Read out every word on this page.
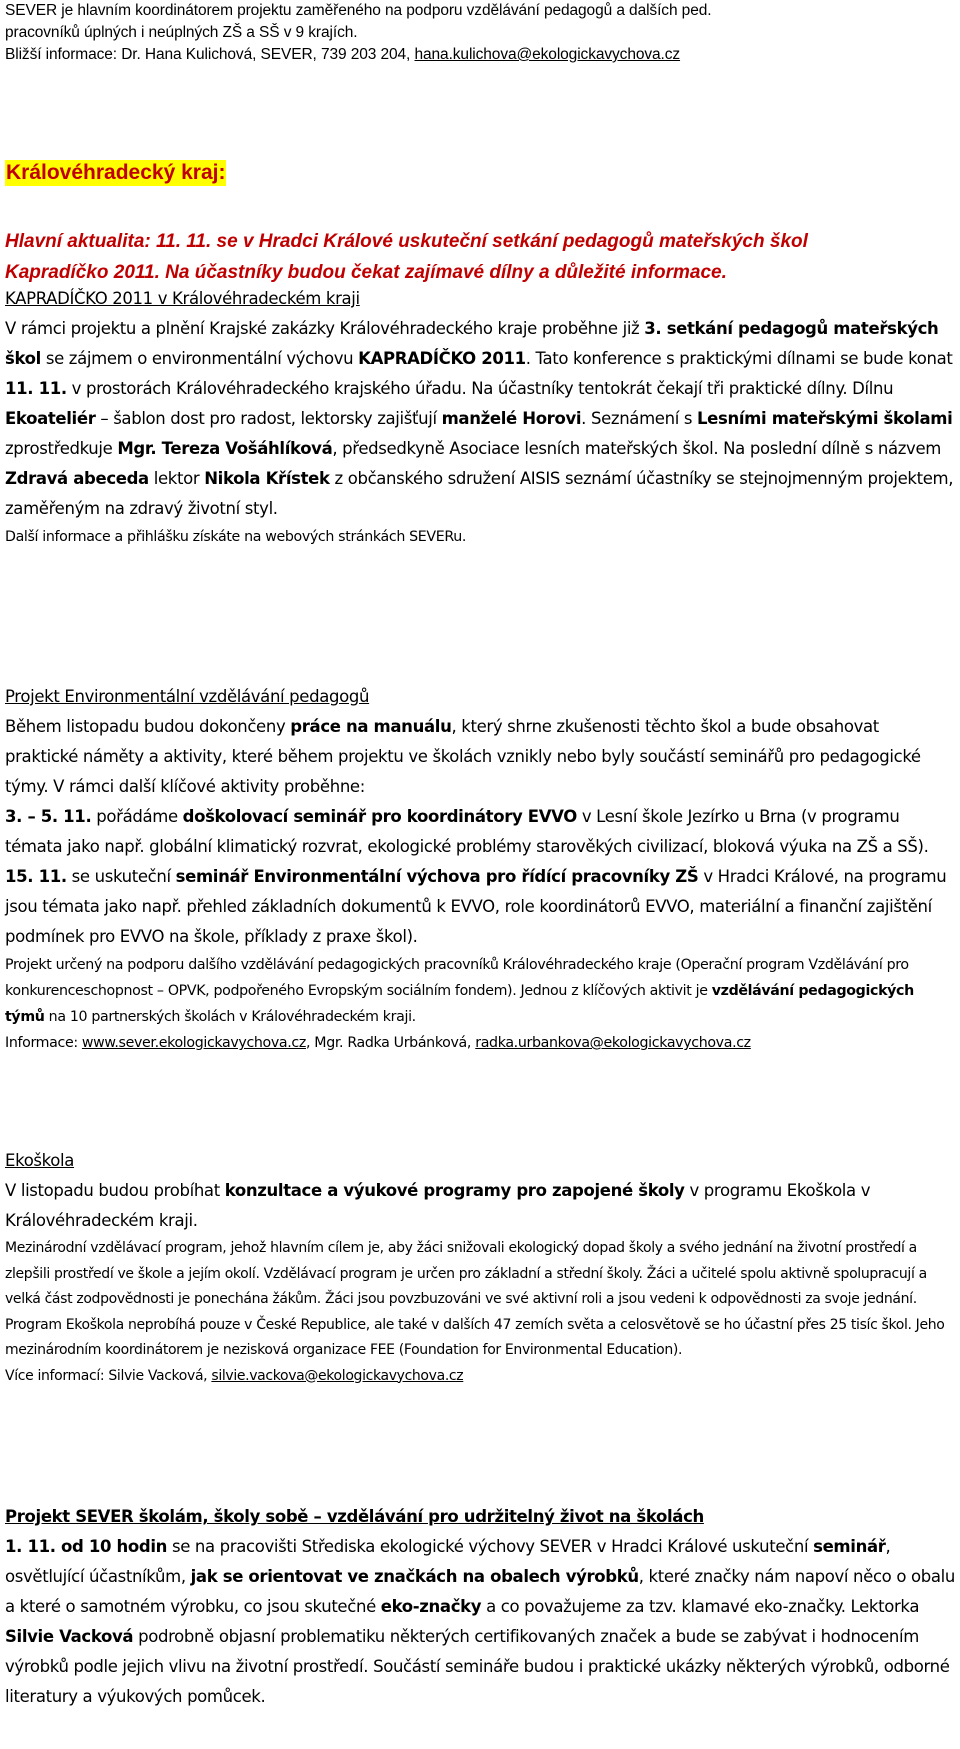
SEVER je hlavním koordinátorem projektu zaměřeného na podporu vzdělávání pedagogů a dalších ped.

pracovníků úplných i neúplných ZŠ a SŠ v 9 krajích.

Bližší informace: Dr. Hana Kulichová, SEVER, 739 203 204, hana.kulichova@ekologickavychova.cz

Královéhradecký kraj:

Hlavní aktualita: 11. 11. se v Hradci Králové uskuteční setkání pedagogů mateřských škol

Kapradíčko 2011. Na účastníky budou čekat zajímavé dílny a důležité informace.

KAPRADÍČKO 2011 v Královéhradeckém kraji

V rámci projektu a plnění Krajské zakázky Královéhradeckého kraje proběhne již 3. setkání pedagogů mateřských škol se zájmem o environmentální výchovu KAPRADÍČKO 2011. Tato konference s praktickými dílnami se bude konat 11. 11. v prostorách Královéhradeckého krajského úřadu. Na účastníky tentokrát čekají tři praktické dílny. Dílnu Ekoateliér – šablon dost pro radost, lektorsky zajišťují manželé Horovi. Seznámení s Lesními mateřskými školami zprostředkuje Mgr. Tereza Vošáhlíková, předsedkyně Asociace lesních mateřských škol. Na poslední dílně s názvem Zdravá abeceda lektor Nikola Křístek z občanského sdružení AISIS seznámí účastníky se stejnojmenným projektem, zaměřeným na zdravý životní styl.

Další informace a přihlášku získáte na webových stránkách SEVERu.

Projekt Environmentální vzdělávání pedagogů

Během listopadu budou dokončeny práce na manuálu, který shrne zkušenosti těchto škol a bude obsahovat praktické náměty a aktivity, které během projektu ve školách vznikly nebo byly součástí seminářů pro pedagogické týmy. V rámci další klíčové aktivity proběhne:

3. – 5. 11. pořádáme doškolovací seminář pro koordinátory EVVO v Lesní škole Jezírko u Brna (v programu témata jako např. globální klimatický rozvrat, ekologické problémy starověkých civilizací, bloková výuka na ZŠ a SŠ).

15. 11. se uskuteční seminář Environmentální výchova pro řídící pracovníky ZŠ v Hradci Králové, na programu jsou témata jako např. přehled základních dokumentů k EVVO, role koordinátorů EVVO, materiální a finanční zajištění podmínek pro EVVO na škole, příklady z praxe škol).

Projekt určený na podporu dalšího vzdělávání pedagogických pracovníků Královéhradeckého kraje (Operační program Vzdělávání pro konkurenceschopnost – OPVK, podpořeného Evropským sociálním fondem). Jednou z klíčových aktivit je vzdělávání pedagogických týmů na 10 partnerských školách v Královéhradeckém kraji.

Informace: www.sever.ekologickavychova.cz, Mgr. Radka Urbánková, radka.urbankova@ekologickavychova.cz

Ekoškola

V listopadu budou probíhat konzultace a výukové programy pro zapojené školy v programu Ekoškola v Královéhradeckém kraji.

Mezinárodní vzdělávací program, jehož hlavním cílem je, aby žáci snižovali ekologický dopad školy a svého jednání na životní prostředí a zlepšili prostředí ve škole a jejím okolí. Vzdělávací program je určen pro základní a střední školy. Žáci a učitelé spolu aktivně spolupracují a velká část zodpovědnosti je ponechána žákům. Žáci jsou povzbuzováni ve své aktivní roli a jsou vedeni k odpovědnosti za svoje jednání. Program Ekoškola neprobíhá pouze v České Republice, ale také v dalších 47 zemích světa a celosvětově se ho účastní přes 25 tisíc škol. Jeho mezinárodním koordinátorem je nezisková organizace FEE (Foundation for Environmental Education).

Více informací: Silvie Vacková, silvie.vackova@ekologickavychova.cz

Projekt SEVER školám, školy sobě – vzdělávání pro udržitelný život na školách

1. 11. od 10 hodin se na pracovišti Střediska ekologické výchovy SEVER v Hradci Králové uskuteční seminář, osvětlující účastníkům, jak se orientovat ve značkách na obalech výrobků, které značky nám napoví něco o obalu a které o samotném výrobku, co jsou skutečné eko-značky a co považujeme za tzv. klamavé eko-značky. Lektorka Silvie Vacková podrobně objasní problematiku některých certifikovaných značek a bude se zabývat i hodnocením výrobků podle jejich vlivu na životní prostředí. Součástí semináře budou i praktické ukázky některých výrobků, odborné literatury a výukových pomůcek.
